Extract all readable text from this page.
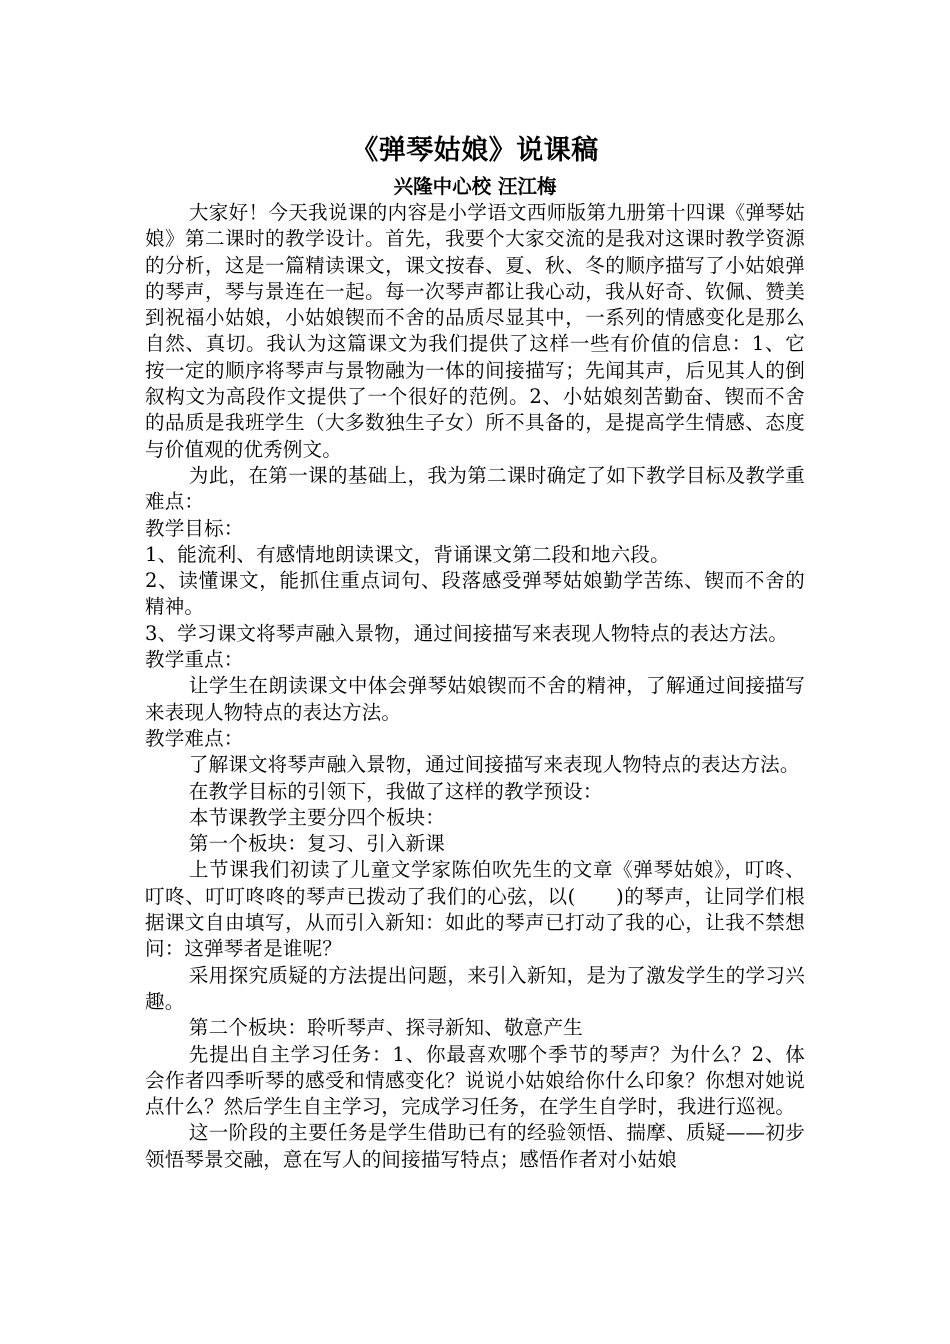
《弹琴姑娘》说课稿

兴隆中心校 汪江梅

大家好！今天我说课的内容是小学语文西师版第九册第十四课《弹琴姑娘》第二课时的教学设计。首先，我要个大家交流的是我对这课时教学资源的分析，这是一篇精读课文，课文按春、夏、秋、冬的顺序描写了小姑娘弹的琴声，琴与景连在一起。每一次琴声都让我心动，我从好奇、钦佩、赞美到祝福小姑娘，小姑娘锲而不舍的品质尽显其中，一系列的情感变化是那么自然、真切。我认为这篇课文为我们提供了这样一些有价值的信息：1、它按一定的顺序将琴声与景物融为一体的间接描写；先闻其声，后见其人的倒叙构文为高段作文提供了一个很好的范例。2、小姑娘刻苦勤奋、锲而不舍的品质是我班学生（大多数独生子女）所不具备的，是提高学生情感、态度与价值观的优秀例文。

为此，在第一课的基础上，我为第二课时确定了如下教学目标及教学重难点：

教学目标：

1、能流利、有感情地朗读课文，背诵课文第二段和地六段。

2、读懂课文，能抓住重点词句、段落感受弹琴姑娘勤学苦练、锲而不舍的精神。

3、学习课文将琴声融入景物，通过间接描写来表现人物特点的表达方法。

教学重点：

让学生在朗读课文中体会弹琴姑娘锲而不舍的精神，了解通过间接描写来表现人物特点的表达方法。

教学难点：

了解课文将琴声融入景物，通过间接描写来表现人物特点的表达方法。

在教学目标的引领下，我做了这样的教学预设：

本节课教学主要分四个板块：

第一个板块：复习、引入新课

上节课我们初读了儿童文学家陈伯吹先生的文章《弹琴姑娘》，叮咚、叮咚、叮叮咚咚的琴声已拨动了我们的心弦，以(　　)的琴声，让同学们根据课文自由填写，从而引入新知：如此的琴声已打动了我的心，让我不禁想问：这弹琴者是谁呢？

采用探究质疑的方法提出问题，来引入新知，是为了激发学生的学习兴趣。

第二个板块：聆听琴声、探寻新知、敬意产生

先提出自主学习任务：1、你最喜欢哪个季节的琴声？为什么？2、体会作者四季听琴的感受和情感变化？说说小姑娘给你什么印象？你想对她说点什么？然后学生自主学习，完成学习任务，在学生自学时，我进行巡视。

这一阶段的主要任务是学生借助已有的经验领悟、揣摩、质疑——初步领悟琴景交融，意在写人的间接描写特点；感悟作者对小姑娘
